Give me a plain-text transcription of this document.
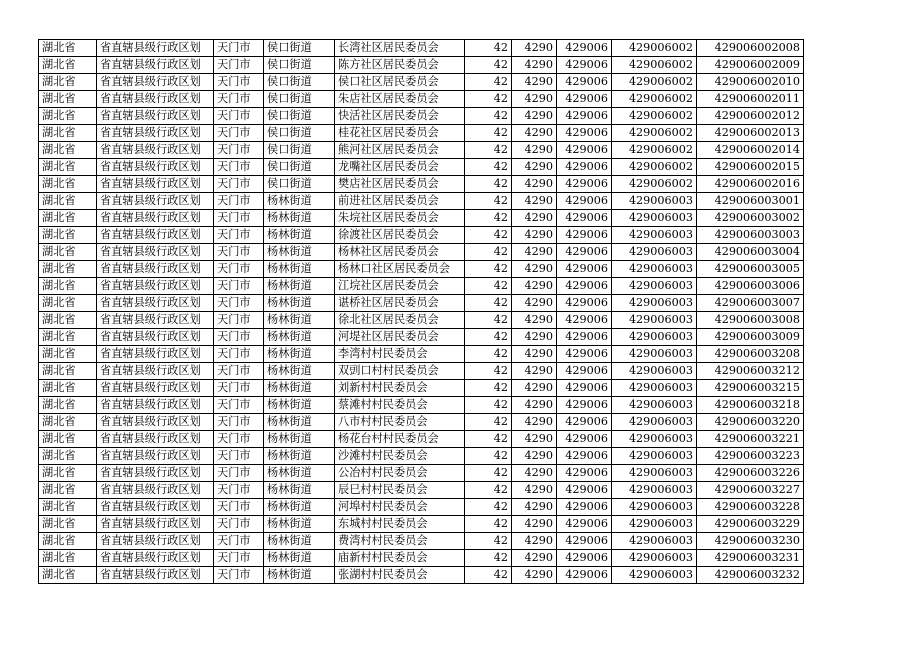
湖北省	省直辖县级行政区划	天门市	侯口街道	长湾社区居民委员会	42	4290	429006	429006002	429006002008
湖北省	省直辖县级行政区划	天门市	侯口街道	陈方社区居民委员会	42	4290	429006	429006002	429006002009
湖北省	省直辖县级行政区划	天门市	侯口街道	侯口社区居民委员会	42	4290	429006	429006002	429006002010
湖北省	省直辖县级行政区划	天门市	侯口街道	朱店社区居民委员会	42	4290	429006	429006002	429006002011
湖北省	省直辖县级行政区划	天门市	侯口街道	快活社区居民委员会	42	4290	429006	429006002	429006002012
湖北省	省直辖县级行政区划	天门市	侯口街道	桂花社区居民委员会	42	4290	429006	429006002	429006002013
湖北省	省直辖县级行政区划	天门市	侯口街道	熊河社区居民委员会	42	4290	429006	429006002	429006002014
湖北省	省直辖县级行政区划	天门市	侯口街道	龙嘴社区居民委员会	42	4290	429006	429006002	429006002015
湖北省	省直辖县级行政区划	天门市	侯口街道	樊店社区居民委员会	42	4290	429006	429006002	429006002016
湖北省	省直辖县级行政区划	天门市	杨林街道	前进社区居民委员会	42	4290	429006	429006003	429006003001
湖北省	省直辖县级行政区划	天门市	杨林街道	朱垸社区居民委员会	42	4290	429006	429006003	429006003002
湖北省	省直辖县级行政区划	天门市	杨林街道	徐渡社区居民委员会	42	4290	429006	429006003	429006003003
湖北省	省直辖县级行政区划	天门市	杨林街道	杨林社区居民委员会	42	4290	429006	429006003	429006003004
湖北省	省直辖县级行政区划	天门市	杨林街道	杨林口社区居民委员会	42	4290	429006	429006003	429006003005
湖北省	省直辖县级行政区划	天门市	杨林街道	江垸社区居民委员会	42	4290	429006	429006003	429006003006
湖北省	省直辖县级行政区划	天门市	杨林街道	谌桥社区居民委员会	42	4290	429006	429006003	429006003007
湖北省	省直辖县级行政区划	天门市	杨林街道	徐北社区居民委员会	42	4290	429006	429006003	429006003008
湖北省	省直辖县级行政区划	天门市	杨林街道	河堤社区居民委员会	42	4290	429006	429006003	429006003009
湖北省	省直辖县级行政区划	天门市	杨林街道	李湾村村民委员会	42	4290	429006	429006003	429006003208
湖北省	省直辖县级行政区划	天门市	杨林街道	双剅口村村民委员会	42	4290	429006	429006003	429006003212
湖北省	省直辖县级行政区划	天门市	杨林街道	刘新村村民委员会	42	4290	429006	429006003	429006003215
湖北省	省直辖县级行政区划	天门市	杨林街道	蔡滩村村民委员会	42	4290	429006	429006003	429006003218
湖北省	省直辖县级行政区划	天门市	杨林街道	八市村村民委员会	42	4290	429006	429006003	429006003220
湖北省	省直辖县级行政区划	天门市	杨林街道	杨花台村村民委员会	42	4290	429006	429006003	429006003221
湖北省	省直辖县级行政区划	天门市	杨林街道	沙滩村村民委员会	42	4290	429006	429006003	429006003223
湖北省	省直辖县级行政区划	天门市	杨林街道	公冶村村民委员会	42	4290	429006	429006003	429006003226
湖北省	省直辖县级行政区划	天门市	杨林街道	辰巳村村民委员会	42	4290	429006	429006003	429006003227
湖北省	省直辖县级行政区划	天门市	杨林街道	河埠村村民委员会	42	4290	429006	429006003	429006003228
湖北省	省直辖县级行政区划	天门市	杨林街道	东城村村民委员会	42	4290	429006	429006003	429006003229
湖北省	省直辖县级行政区划	天门市	杨林街道	费湾村村民委员会	42	4290	429006	429006003	429006003230
湖北省	省直辖县级行政区划	天门市	杨林街道	庙新村村民委员会	42	4290	429006	429006003	429006003231
湖北省	省直辖县级行政区划	天门市	杨林街道	张湖村村民委员会	42	4290	429006	429006003	429006003232
